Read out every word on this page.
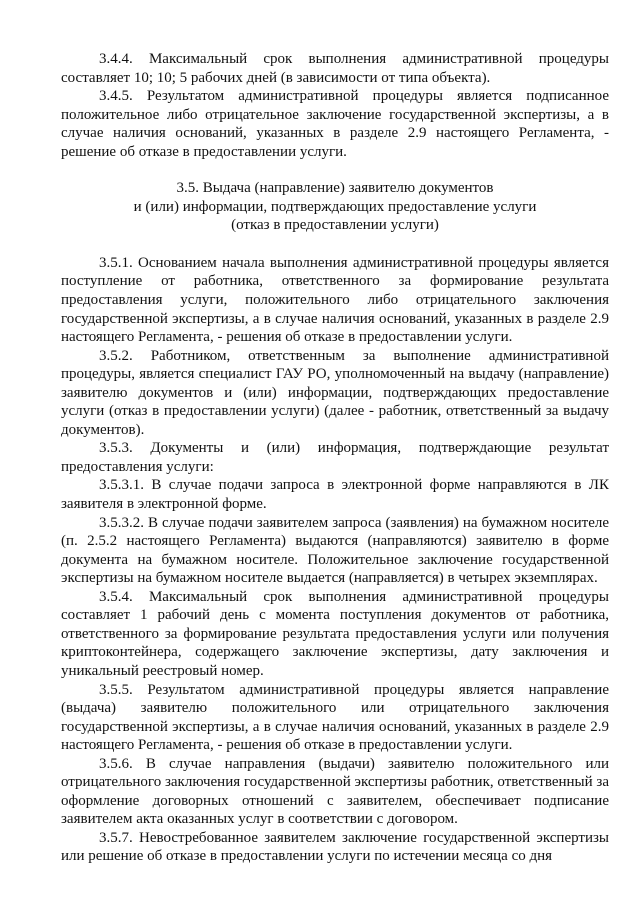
3.4.4. Максимальный срок выполнения административной процедуры составляет 10; 10; 5 рабочих дней (в зависимости от типа объекта).

3.4.5. Результатом административной процедуры является подписанное положительное либо отрицательное заключение государственной экспертизы, а в случае наличия оснований, указанных в разделе 2.9 настоящего Регламента, - решение об отказе в предоставлении услуги.

3.5. Выдача (направление) заявителю документов
и (или) информации, подтверждающих предоставление услуги
(отказ в предоставлении услуги)

3.5.1. Основанием начала выполнения административной процедуры является поступление от работника, ответственного за формирование результата предоставления услуги, положительного либо отрицательного заключения государственной экспертизы, а в случае наличия оснований, указанных в разделе 2.9 настоящего Регламента, - решения об отказе в предоставлении услуги.

3.5.2. Работником, ответственным за выполнение административной процедуры, является специалист ГАУ РО, уполномоченный на выдачу (направление) заявителю документов и (или) информации, подтверждающих предоставление услуги (отказ в предоставлении услуги) (далее - работник, ответственный за выдачу документов).

3.5.3. Документы и (или) информация, подтверждающие результат предоставления услуги:

3.5.3.1. В случае подачи запроса в электронной форме направляются в ЛК заявителя в электронной форме.

3.5.3.2. В случае подачи заявителем запроса (заявления) на бумажном носителе (п. 2.5.2 настоящего Регламента) выдаются (направляются) заявителю в форме документа на бумажном носителе. Положительное заключение государственной экспертизы на бумажном носителе выдается (направляется) в четырех экземплярах.

3.5.4. Максимальный срок выполнения административной процедуры составляет 1 рабочий день с момента поступления документов от работника, ответственного за формирование результата предоставления услуги или получения криптоконтейнера, содержащего заключение экспертизы, дату заключения и уникальный реестровый номер.

3.5.5. Результатом административной процедуры является направление (выдача) заявителю положительного или отрицательного заключения государственной экспертизы, а в случае наличия оснований, указанных в разделе 2.9 настоящего Регламента, - решения об отказе в предоставлении услуги.

3.5.6. В случае направления (выдачи) заявителю положительного или отрицательного заключения государственной экспертизы работник, ответственный за оформление договорных отношений с заявителем, обеспечивает подписание заявителем акта оказанных услуг в соответствии с договором.

3.5.7. Невостребованное заявителем заключение государственной экспертизы или решение об отказе в предоставлении услуги по истечении месяца со дня
